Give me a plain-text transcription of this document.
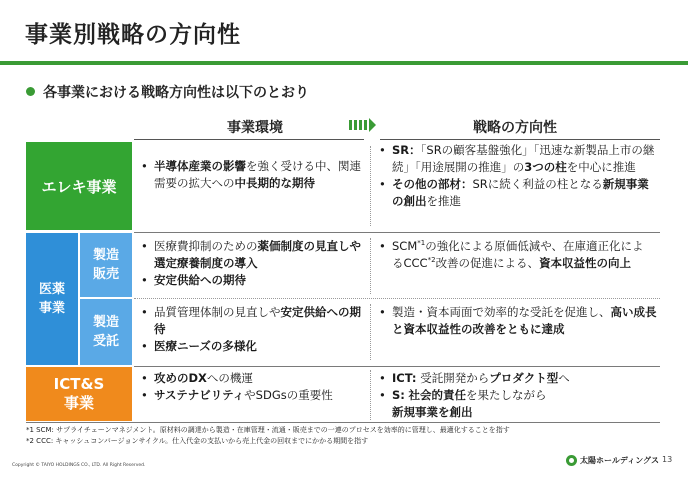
事業別戦略の方向性
各事業における戦略方向性は以下のとおり
事業環境	戦略の方向性
エレキ事業
• 半導体産業の影響を強く受ける中、関連需要の拡大への中長期的な期待
• SR：「SRの顧客基盤強化」「迅速な新製品上市の継続」「用途展開の推進」の3つの柱を中心に推進
• その他の部材：SRに続く利益の柱となる新規事業の創出を推進
医薬事業
製造販売
製造受託
• 医療費抑制のための薬価制度の見直しや選定療養制度の導入
• 安定供給への期待
• SCM$^{*1}$の強化による原価低減や、在庫適正化によるCCC$^{*2}$改善の促進による、資本収益性の向上
• 品質管理体制の見直しや安定供給への期待
• 医療ニーズの多様化
• 製造・資本両面で効率的な受託を促進し、高い成長と資本収益性の改善をともに達成
ICT&S
事業
• 攻めのDXへの機運
• サステナビリティやSDGsの重要性
• ICT: 受託開発からプロダクト型へ
• S: 社会的責任を果たしながら
新規事業を創出
*1 SCM: サプライチェーンマネジメント。原材料の調達から製造・在庫管理・流通・販売までの一連のプロセスを効率的に管理し、最適化することを指す
*2 CCC: キャッシュコンバージョンサイクル。仕入代金の支払いから売上代金の回収までにかかる期間を指す
Copyright © TAIYO HOLDINGS CO., LTD. All Right Reserved.
太陽ホールディングス 13
